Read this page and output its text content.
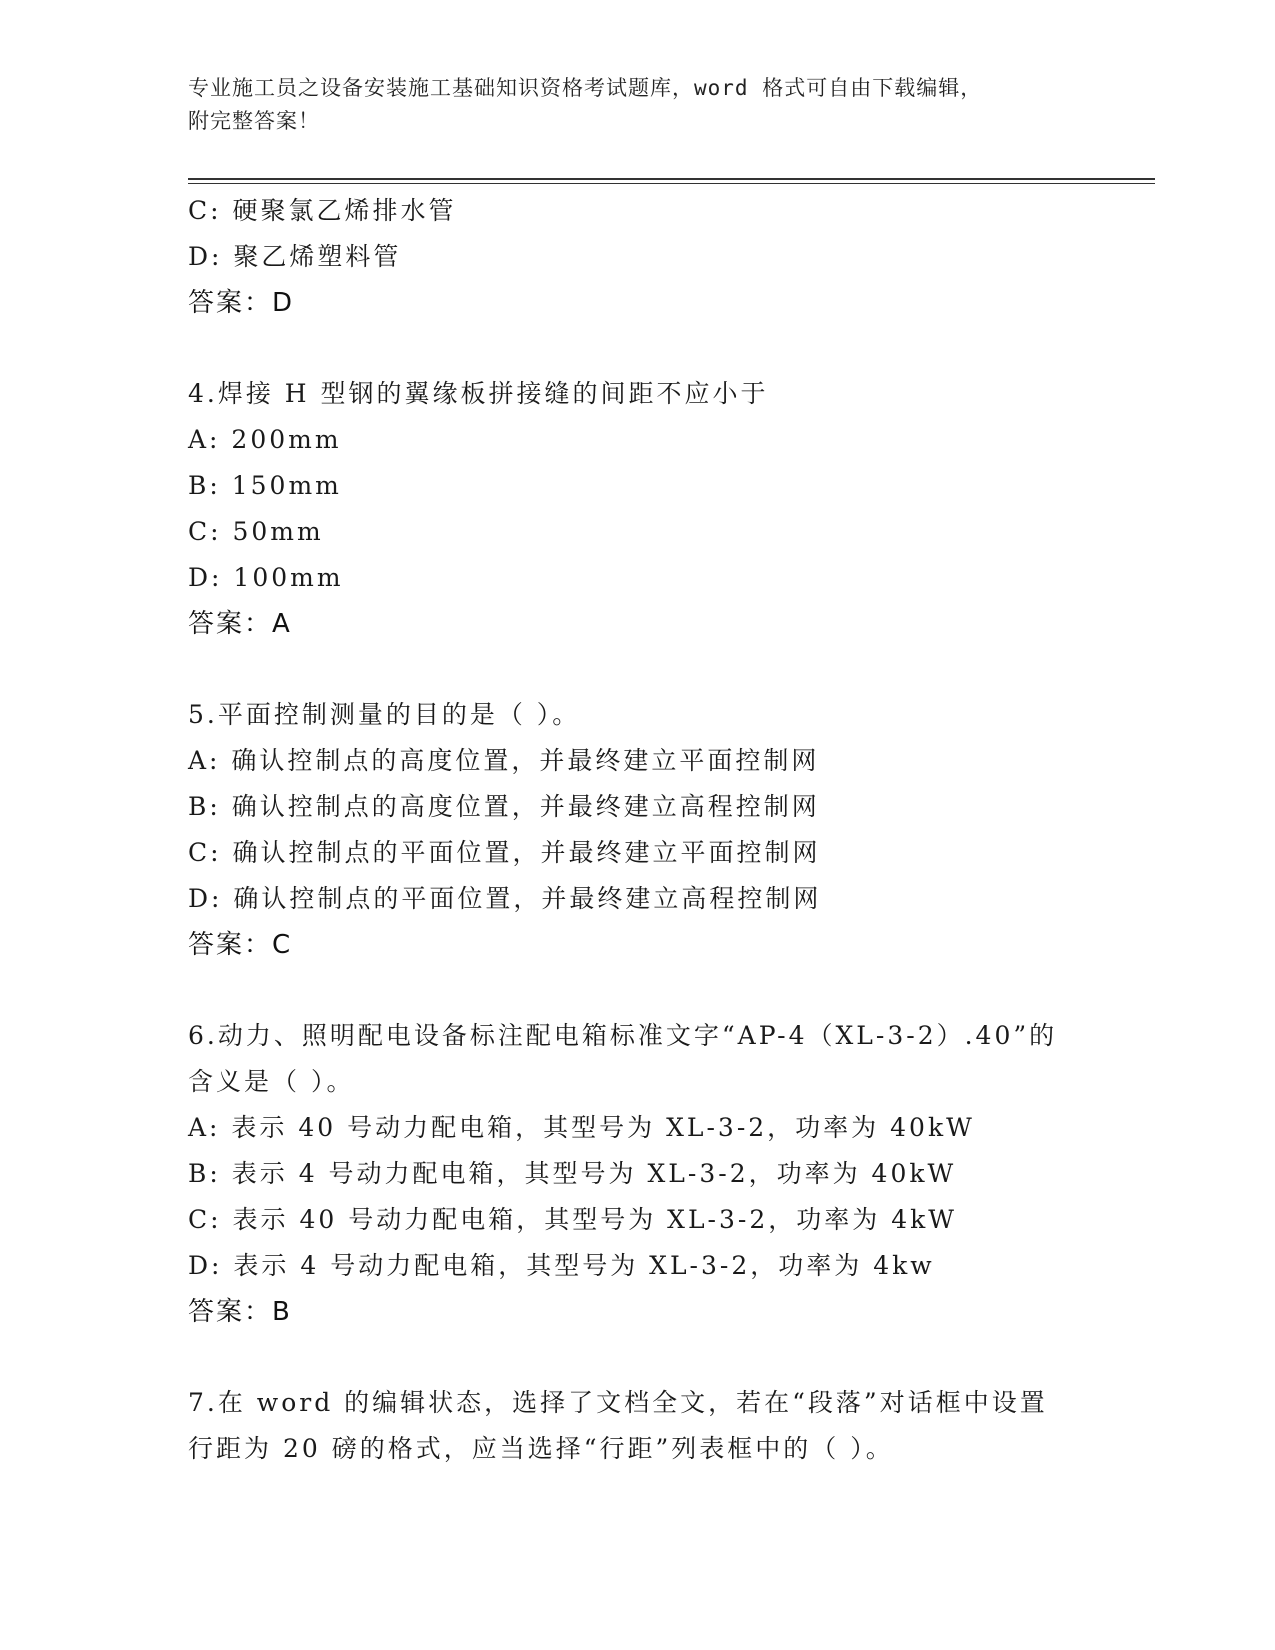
专业施工员之设备安装施工基础知识资格考试题库，word 格式可自由下载编辑，
附完整答案！
C: 硬聚氯乙烯排水管
D: 聚乙烯塑料管
答案：D
4.焊接 H 型钢的翼缘板拼接缝的间距不应小于
A: 200mm
B: 150mm
C: 50mm
D: 100mm
答案：A
5.平面控制测量的目的是（ ）。
A: 确认控制点的高度位置，并最终建立平面控制网
B: 确认控制点的高度位置，并最终建立高程控制网
C: 确认控制点的平面位置，并最终建立平面控制网
D: 确认控制点的平面位置，并最终建立高程控制网
答案：C
6.动力、照明配电设备标注配电箱标准文字“AP-4（XL-3-2）.40”的
含义是（ ）。
A: 表示 40 号动力配电箱，其型号为 XL-3-2，功率为 40kW
B: 表示 4 号动力配电箱，其型号为 XL-3-2，功率为 40kW
C: 表示 40 号动力配电箱，其型号为 XL-3-2，功率为 4kW
D: 表示 4 号动力配电箱，其型号为 XL-3-2，功率为 4kw
答案：B
7.在 word 的编辑状态，选择了文档全文，若在“段落”对话框中设置
行距为 20 磅的格式，应当选择“行距”列表框中的（ ）。
